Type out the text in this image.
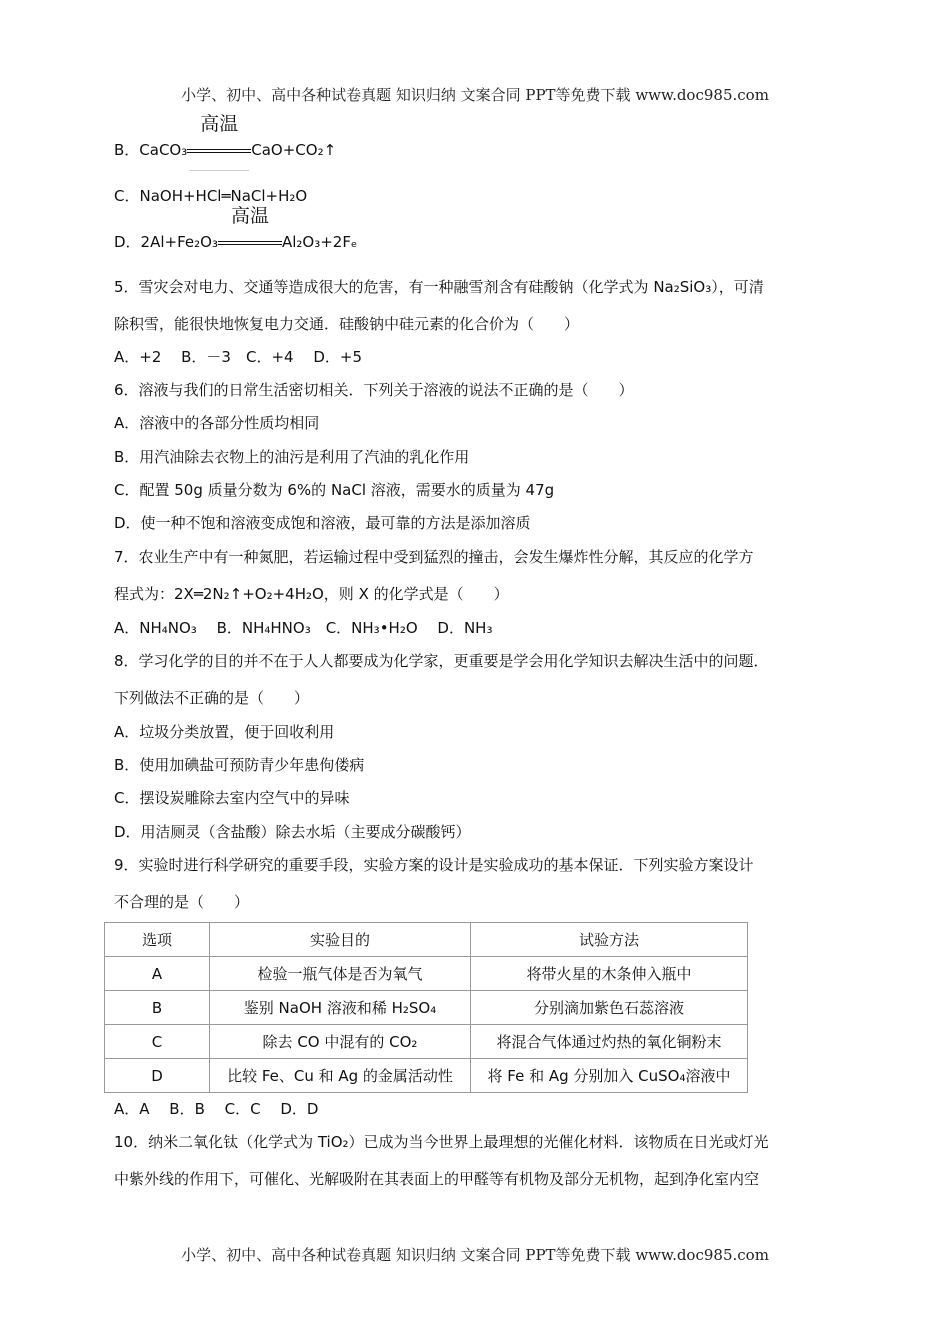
小学、初中、高中各种试卷真题 知识归纳 文案合同 PPT等免费下载 www.doc985.com
B．CaCO₃
高温
CaO+CO₂↑
C．NaOH+HCl═NaCl+H₂O
D．2Al+Fe₂O₃
高温
Al₂O₃+2Fₑ
5．雪灾会对电力、交通等造成很大的危害，有一种融雪剂含有硅酸钠（化学式为 Na₂SiO₃），可清
除积雪，能很快地恢复电力交通．硅酸钠中硅元素的化合价为（　　）
A．+2　 B．－3　C．+4　 D．+5
6．溶液与我们的日常生活密切相关．下列关于溶液的说法不正确的是（　　）
A．溶液中的各部分性质均相同
B．用汽油除去衣物上的油污是利用了汽油的乳化作用
C．配置 50g 质量分数为 6%的 NaCl 溶液，需要水的质量为 47g
D．使一种不饱和溶液变成饱和溶液，最可靠的方法是添加溶质
7．农业生产中有一种氮肥，若运输过程中受到猛烈的撞击，会发生爆炸性分解，其反应的化学方
程式为：2X═2N₂↑+O₂+4H₂O，则 X 的化学式是（　　）
A．NH₄NO₃　 B．NH₄HNO₃　C．NH₃•H₂O　 D．NH₃
8．学习化学的目的并不在于人人都要成为化学家，更重要是学会用化学知识去解决生活中的问题．
下列做法不正确的是（　　）
A．垃圾分类放置，便于回收利用
B．使用加碘盐可预防青少年患佝偻病
C．摆设炭雕除去室内空气中的异味
D．用洁厕灵（含盐酸）除去水垢（主要成分碳酸钙）
9．实验时进行科学研究的重要手段，实验方案的设计是实验成功的基本保证．下列实验方案设计
不合理的是（　　）
选项	实验目的	试验方法
A	检验一瓶气体是否为氧气	将带火星的木条伸入瓶中
B	鉴别 NaOH 溶液和稀 H₂SO₄	分别滴加紫色石蕊溶液
C	除去 CO 中混有的 CO₂	将混合气体通过灼热的氧化铜粉末
D	比较 Fe、Cu 和 Ag 的金属活动性	将 Fe 和 Ag 分别加入 CuSO₄溶液中
A．A　 B．B　 C．C　 D．D
10．纳米二氧化钛（化学式为 TiO₂）已成为当今世界上最理想的光催化材料．该物质在日光或灯光
中紫外线的作用下，可催化、光解吸附在其表面上的甲醛等有机物及部分无机物，起到净化室内空
小学、初中、高中各种试卷真题 知识归纳 文案合同 PPT等免费下载 www.doc985.com
